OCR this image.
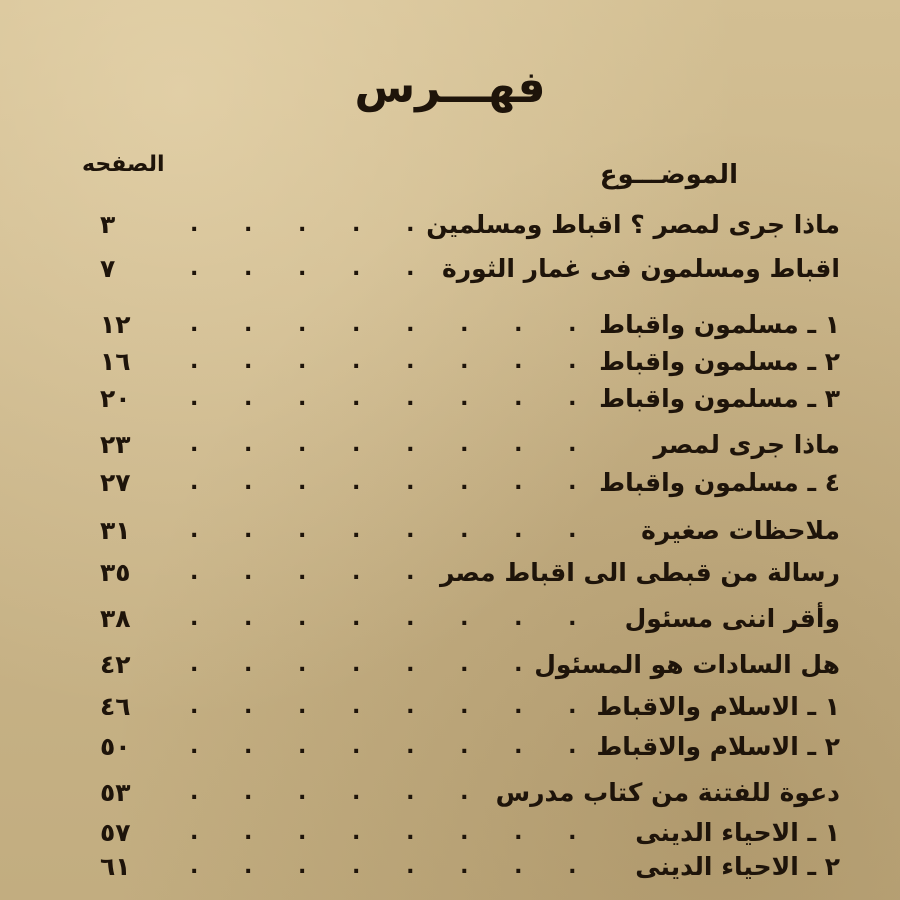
فهـــرس
الموضـــوع
الصفحه
ماذا جرى لمصر ؟ اقباط ومسلمين
. . . . . .
٣
اقباط ومسلمون فى غمار الثورة
. . . . .
٧
١ ـ مسلمون واقباط
. . . . . . . .
١٢
٢ ـ مسلمون واقباط
. . . . . . . .
١٦
٣ ـ مسلمون واقباط
. . . . . . . .
٢٠
ماذا جرى لمصر
. . . . . . . .
٢٣
٤ ـ مسلمون واقباط
. . . . . . . .
٢٧
ملاحظات صغيرة
. . . . . . . .
٣١
رسالة من قبطى الى اقباط مصر
. . . . .
٣٥
وأقر اننى مسئول
. . . . . . . .
٣٨
هل السادات هو المسئول
. . . . . . .
٤٢
١ ـ الاسلام والاقباط
. . . . . . . .
٤٦
٢ ـ الاسلام والاقباط
. . . . . . . .
٥٠
دعوة للفتنة من كتاب مدرس
. . . . . .
٥٣
١ ـ الاحياء الدينى
. . . . . . . .
٥٧
٢ ـ الاحياء الدينى
. . . . . . . .
٦١
